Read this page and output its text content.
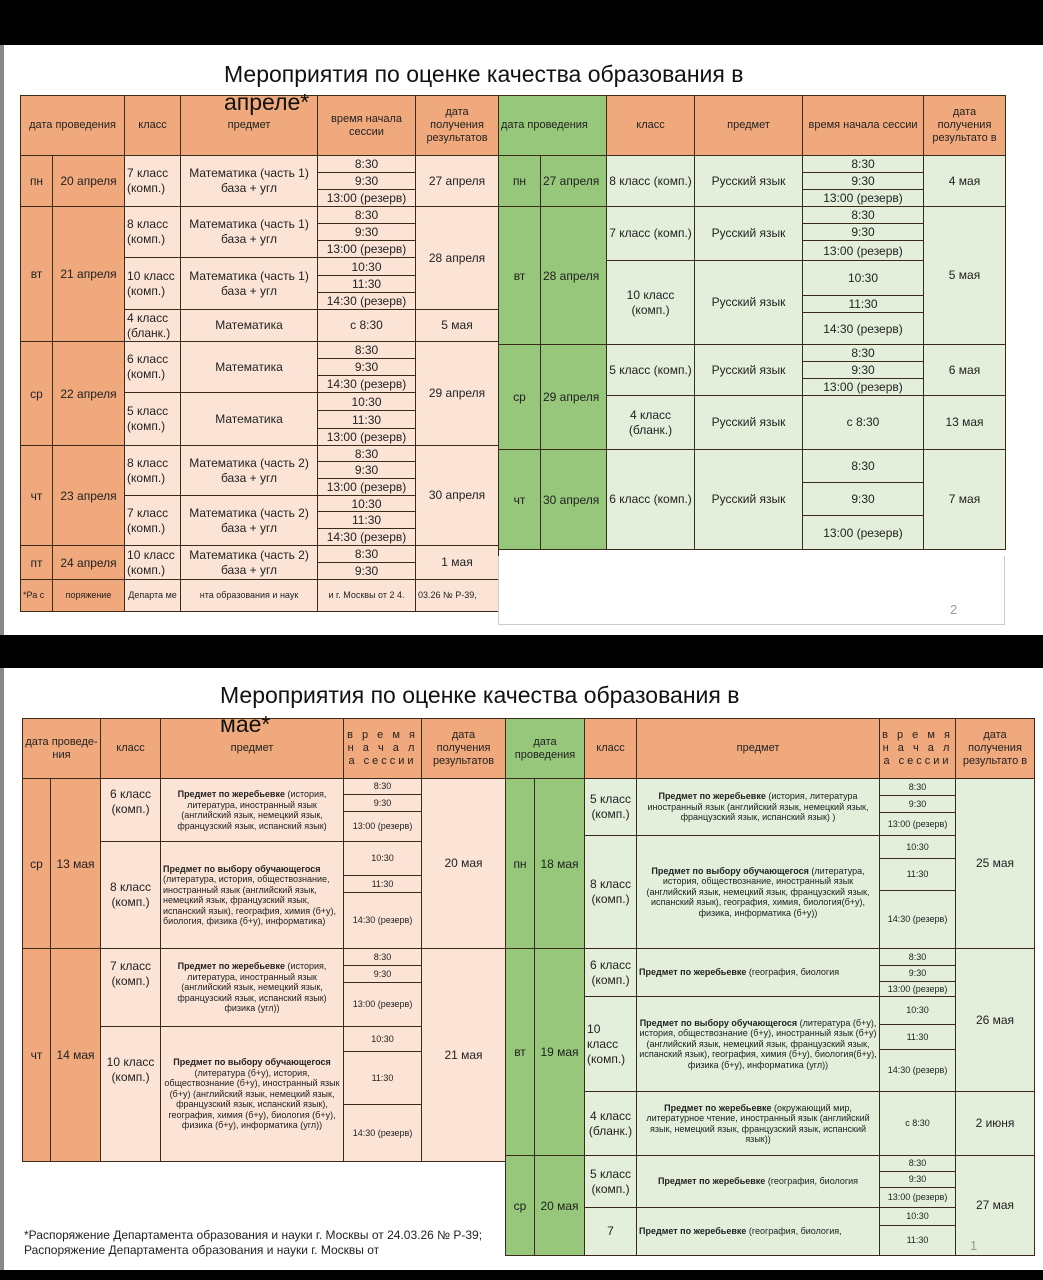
Мероприятия по оценке качества образования в
дата проведения		класс	предмет	время начала сессии	дата получения результатов
пн	20 апреля	7 класс (комп.)	Математика (часть 1) база + угл	8:30	27 апреля
				9:30	
				13:00 (резерв)	
вт	21 апреля	8 класс (комп.)	Математика (часть 1) база + угл	8:30	28 апреля
				9:30	
				13:00 (резерв)	
		10 класс (комп.)	Математика (часть 1) база + угл	10:30	
				11:30	
				14:30 (резерв)	
		4 класс (бланк.)	Математика	с 8:30	5 мая
ср	22 апреля	6 класс (комп.)	Математика	8:30	29 апреля
				9:30	
				14:30 (резерв)	
		5 класс (комп.)	Математика	10:30	
				11:30	
				13:00 (резерв)	
чт	23 апреля	8 класс (комп.)	Математика (часть 2) база + угл	8:30	30 апреля
				9:30	
				13:00 (резерв)	
		7 класс (комп.)	Математика (часть 2) база + угл	10:30	
				11:30	
				14:30 (резерв)	
пт	24 апреля	10 класс (комп.)	Математика (часть 2) база + угл	8:30	1 мая
				9:30	
*Ра с	поряжение	Департа ме	нта образования и наук	и г. Москвы от 2 4.	03.26 № Р-39,
дата проведения		класс	предмет	время начала сессии	дата получения результато в
пн	27 апреля	8 класс (комп.)	Русский язык	8:30	4 мая
				9:30	
				13:00 (резерв)	
вт	28 апреля	7 класс (комп.)	Русский язык	8:30	5 мая
				9:30	
				13:00 (резерв)	
		10 класс (комп.)	Русский язык	10:30	
				11:30	
				14:30 (резерв)	
ср	29 апреля	5 класс (комп.)	Русский язык	8:30	6 мая
				9:30	
				13:00 (резерв)	
		4 класс (бланк.)	Русский язык	с 8:30	13 мая
чт	30 апреля	6 класс (комп.)	Русский язык	8:30	7 мая
				9:30	
				13:00 (резерв)	
апреле*
2
Мероприятия по оценке качества образования в
дата проведе- ния		класс	предмет	в р е м я н а ч а л а сессии	дата получения результатов
ср	13 мая	6 класс (комп.)	Предмет по жеребьевке (история, литература, иностранный язык (английский язык, немецкий язык, французский язык, испанский язык)	8:30	20 мая
				9:30	
				13:00 (резерв)	
		8 класс (комп.)	Предмет по выбору обучающегося (литература, история, обществознание, иностранный язык (английский язык, немецкий язык, французский язык, испанский язык), география, химия (б+у), биология, физика (б+у), информатика)	10:30	
				11:30	
				14:30 (резерв)	
чт	14 мая	7 класс (комп.)	Предмет по жеребьевке (история, литература, иностранный язык (английский язык, немецкий язык, французский язык, испанский язык) физика (угл))	8:30	21 мая
				9:30	
				13:00 (резерв)	
		10 класс (комп.)	Предмет по выбору обучающегося (литература (б+у), история, обществознание (б+у), иностранный язык (б+у) (английский язык, немецкий язык, французский язык, испанский язык), география, химия (б+у), биология (б+у), физика (б+у), информатика (угл))	10:30	
				11:30	
				14:30 (резерв)	
*Распоряжение Департамента образования и науки г. Москвы от 24.03.26 № Р-39; Распоряжение Департамента образования и науки г. Москвы от
дата проведения		класс	предмет	в р е м я н а ч а л а сессии	дата получения результато в
пн	18 мая	5 класс (комп.)	Предмет по жеребьевке (история, литература иностранный язык (английский язык, немецкий язык, французский язык, испанский язык) )	8:30	25 мая
				9:30	
				13:00 (резерв)	
		8 класс (комп.)	Предмет по выбору обучающегося (литература, история, обществознание, иностранный язык (английский язык, немецкий язык, французский язык, испанский язык), география, химия, биология(б+у), физика, информатика (б+у))	10:30	
				11:30	
				14:30 (резерв)	
вт	19 мая	6 класс (комп.)	Предмет по жеребьевке (география, биология	8:30	26 мая
				9:30	
				13:00 (резерв)	
		10 класс (комп.)	Предмет по выбору обучающегося (литература (б+у), история, обществознание (б+у), иностранный язык (б+у) (английский язык, немецкий язык, французский язык, испанский язык), география, химия (б+у), биология(б+у), физика (б+у), информатика (угл))	10:30	
				11:30	
				14:30 (резерв)	
		4 класс (бланк.)	Предмет по жеребьевке (окружающий мир, литературное чтение, иностранный язык (английский язык, немецкий язык, французский язык, испанский язык))	с 8:30	2 июня

ср	20 мая	5 класс (комп.)	Предмет по жеребьевке (география, биология	8:30	27 мая
				9:30	
				13:00 (резерв)	
		7	Предмет по жеребьевке (география, биология,	10:30	
				11:30	
мае*
1
